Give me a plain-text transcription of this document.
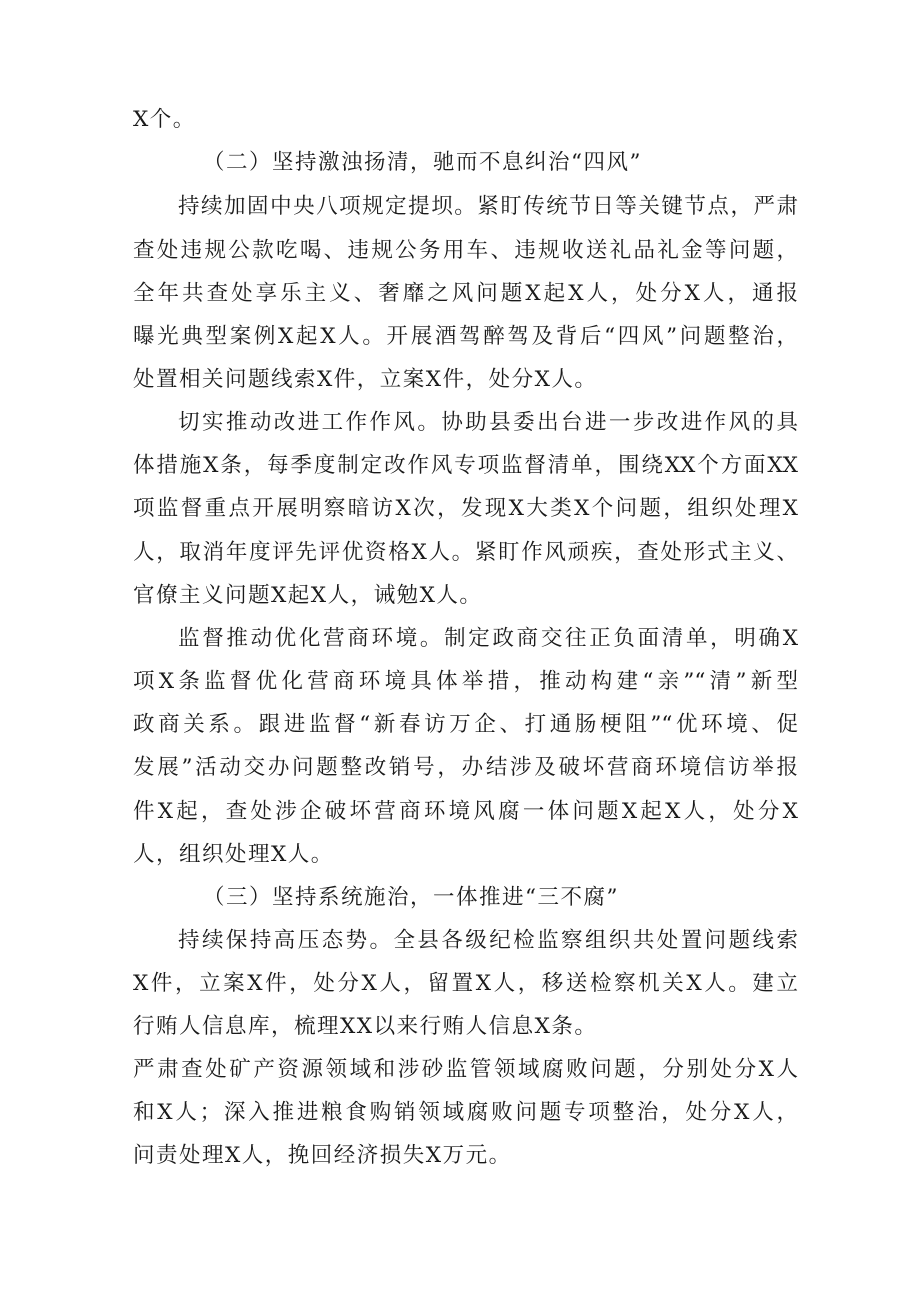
X个。
（二）坚持激浊扬清，驰而不息纠治“四风”
持续加固中央八项规定提坝。紧盯传统节日等关键节点，严肃
查处违规公款吃喝、违规公务用车、违规收送礼品礼金等问题，
全年共查处享乐主义、奢靡之风问题X起X人，处分X人，通报
曝光典型案例X起X人。开展酒驾醉驾及背后“四风”问题整治，
处置相关问题线索X件，立案X件，处分X人。
切实推动改进工作作风。协助县委出台进一步改进作风的具
体措施X条，每季度制定改作风专项监督清单，围绕XX个方面XX
项监督重点开展明察暗访X次，发现X大类X个问题，组织处理X
人，取消年度评先评优资格X人。紧盯作风顽疾，查处形式主义、
官僚主义问题X起X人，诫勉X人。
监督推动优化营商环境。制定政商交往正负面清单，明确X
项X条监督优化营商环境具体举措，推动构建“亲”“清”新型
政商关系。跟进监督“新春访万企、打通肠梗阻”“优环境、促
发展”活动交办问题整改销号，办结涉及破坏营商环境信访举报
件X起，查处涉企破坏营商环境风腐一体问题X起X人，处分X
人，组织处理X人。
（三）坚持系统施治，一体推进“三不腐”
持续保持高压态势。全县各级纪检监察组织共处置问题线索
X件，立案X件，处分X人，留置X人，移送检察机关X人。建立
行贿人信息库，梳理XX以来行贿人信息X条。
严肃查处矿产资源领域和涉砂监管领域腐败问题，分别处分X人
和X人；深入推进粮食购销领域腐败问题专项整治，处分X人，
问责处理X人，挽回经济损失X万元。
